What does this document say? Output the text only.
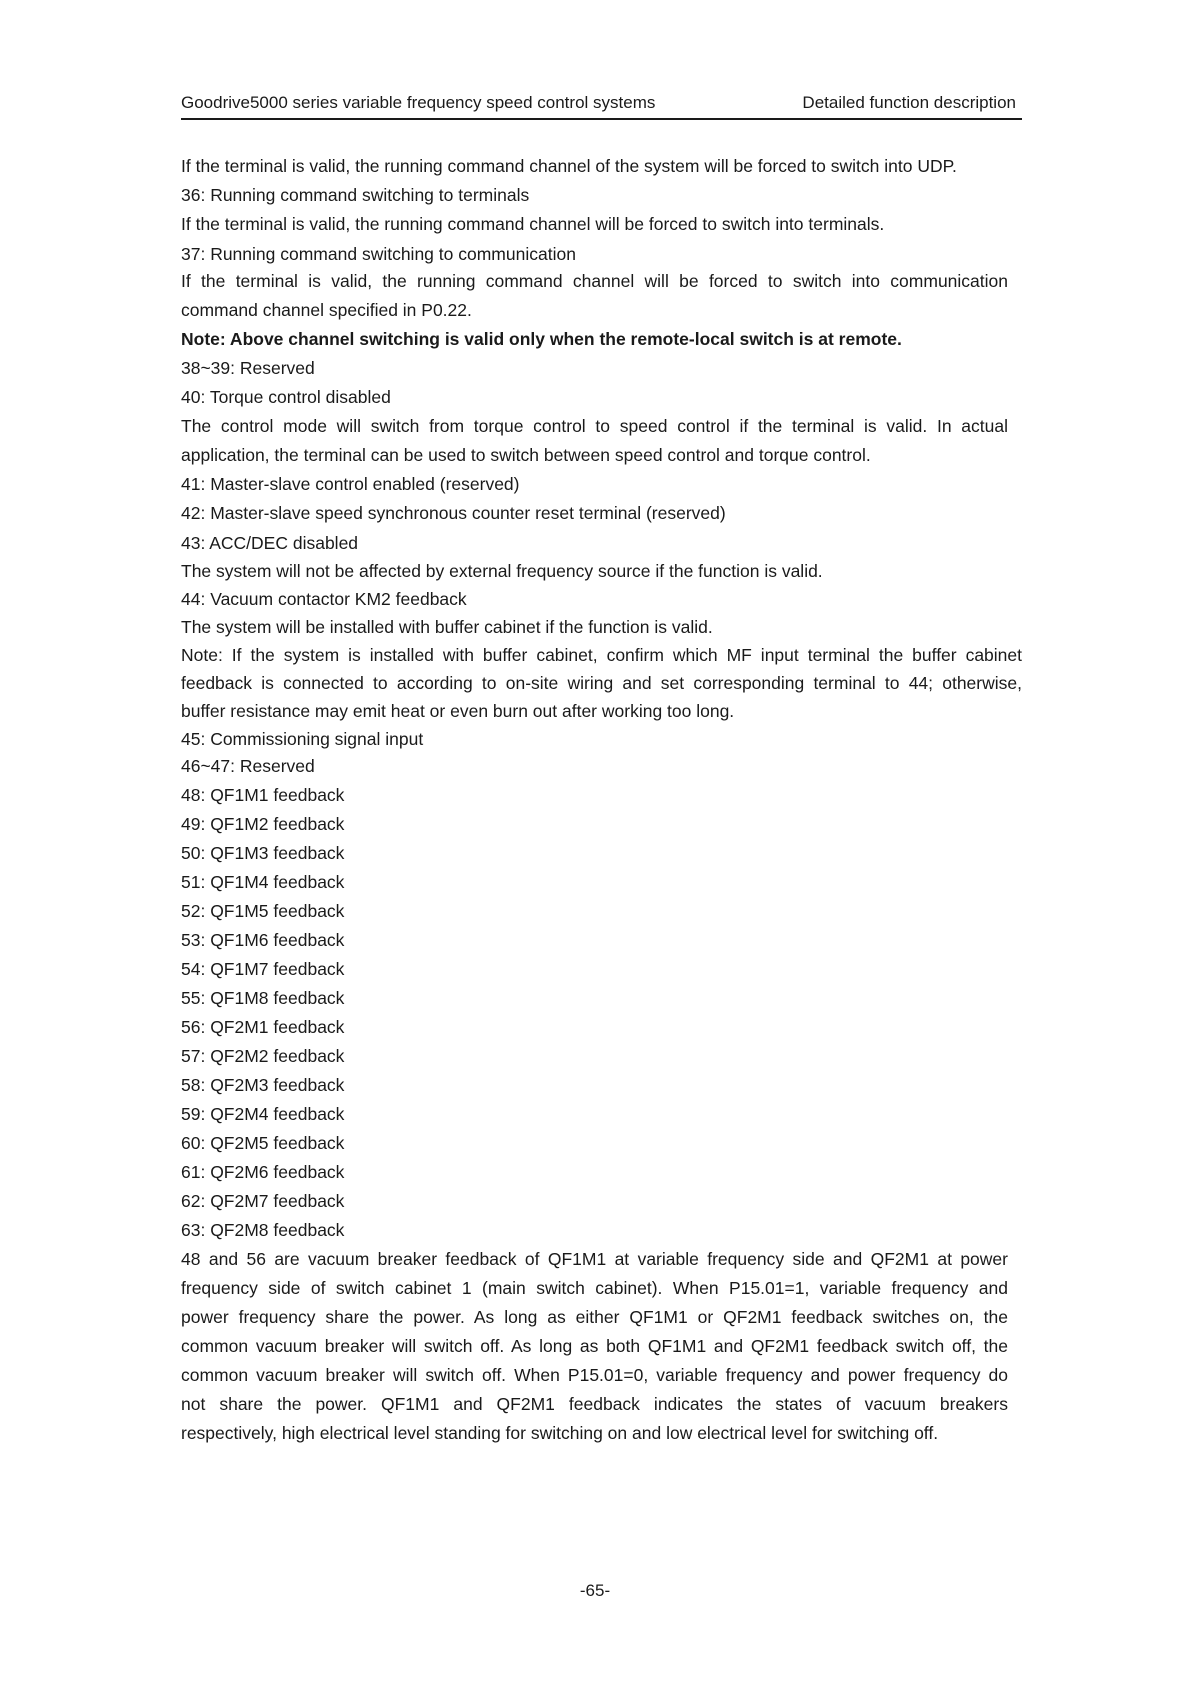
Goodrive5000 series variable frequency speed control systems	Detailed function description
If the terminal is valid, the running command channel of the system will be forced to switch into UDP.
36: Running command switching to terminals
If the terminal is valid, the running command channel will be forced to switch into terminals.
37: Running command switching to communication
If the terminal is valid, the running command channel will be forced to switch into communication
command channel specified in P0.22.
Note: Above channel switching is valid only when the remote-local switch is at remote.
38~39: Reserved
40: Torque control disabled
The control mode will switch from torque control to speed control if the terminal is valid. In actual
application, the terminal can be used to switch between speed control and torque control.
41: Master-slave control enabled (reserved)
42: Master-slave speed synchronous counter reset terminal (reserved)
43: ACC/DEC disabled
The system will not be affected by external frequency source if the function is valid.
44: Vacuum contactor KM2 feedback
The system will be installed with buffer cabinet if the function is valid.
Note: If the system is installed with buffer cabinet, confirm which MF input terminal the buffer cabinet
feedback is connected to according to on-site wiring and set corresponding terminal to 44; otherwise,
buffer resistance may emit heat or even burn out after working too long.
45: Commissioning signal input
46~47: Reserved
48: QF1M1 feedback
49: QF1M2 feedback
50: QF1M3 feedback
51: QF1M4 feedback
52: QF1M5 feedback
53: QF1M6 feedback
54: QF1M7 feedback
55: QF1M8 feedback
56: QF2M1 feedback
57: QF2M2 feedback
58: QF2M3 feedback
59: QF2M4 feedback
60: QF2M5 feedback
61: QF2M6 feedback
62: QF2M7 feedback
63: QF2M8 feedback
48 and 56 are vacuum breaker feedback of QF1M1 at variable frequency side and QF2M1 at power
frequency side of switch cabinet 1 (main switch cabinet). When P15.01=1, variable frequency and
power frequency share the power. As long as either QF1M1 or QF2M1 feedback switches on, the
common vacuum breaker will switch off. As long as both QF1M1 and QF2M1 feedback switch off, the
common vacuum breaker will switch off. When P15.01=0, variable frequency and power frequency do
not share the power. QF1M1 and QF2M1 feedback indicates the states of vacuum breakers
respectively, high electrical level standing for switching on and low electrical level for switching off.
-65-
